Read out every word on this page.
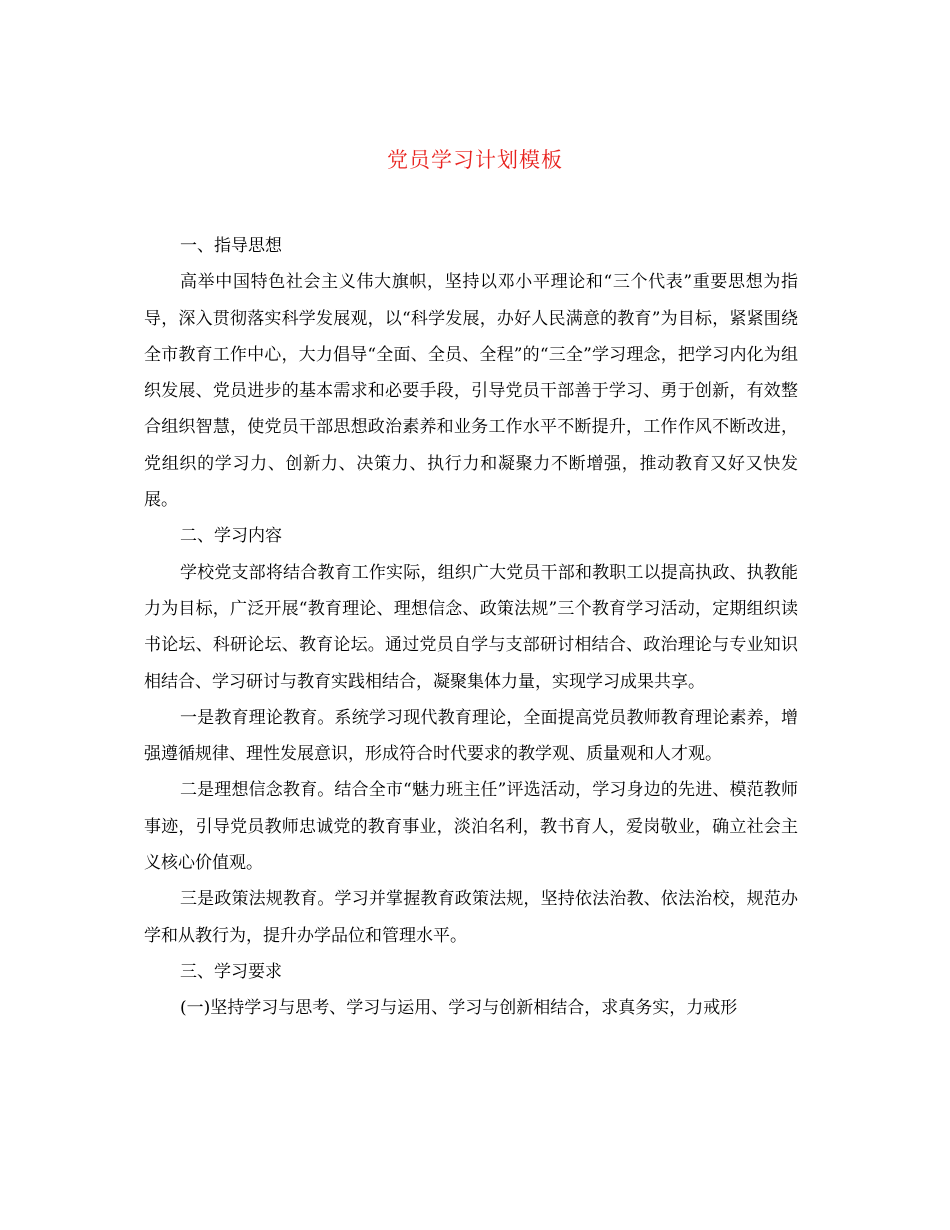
党员学习计划模板

一、指导思想

高举中国特色社会主义伟大旗帜，坚持以邓小平理论和“三个代表”重要思想为指导，深入贯彻落实科学发展观，以“科学发展，办好人民满意的教育”为目标，紧紧围绕全市教育工作中心，大力倡导“全面、全员、全程”的“三全”学习理念，把学习内化为组织发展、党员进步的基本需求和必要手段，引导党员干部善于学习、勇于创新，有效整合组织智慧，使党员干部思想政治素养和业务工作水平不断提升，工作作风不断改进，党组织的学习力、创新力、决策力、执行力和凝聚力不断增强，推动教育又好又快发展。

二、学习内容

学校党支部将结合教育工作实际，组织广大党员干部和教职工以提高执政、执教能力为目标，广泛开展“教育理论、理想信念、政策法规”三个教育学习活动，定期组织读书论坛、科研论坛、教育论坛。通过党员自学与支部研讨相结合、政治理论与专业知识相结合、学习研讨与教育实践相结合，凝聚集体力量，实现学习成果共享。

一是教育理论教育。系统学习现代教育理论，全面提高党员教师教育理论素养，增强遵循规律、理性发展意识，形成符合时代要求的教学观、质量观和人才观。

二是理想信念教育。结合全市“魅力班主任”评选活动，学习身边的先进、模范教师事迹，引导党员教师忠诚党的教育事业，淡泊名利，教书育人，爱岗敬业，确立社会主义核心价值观。

三是政策法规教育。学习并掌握教育政策法规，坚持依法治教、依法治校，规范办学和从教行为，提升办学品位和管理水平。

三、学习要求

(一)坚持学习与思考、学习与运用、学习与创新相结合，求真务实，力戒形
